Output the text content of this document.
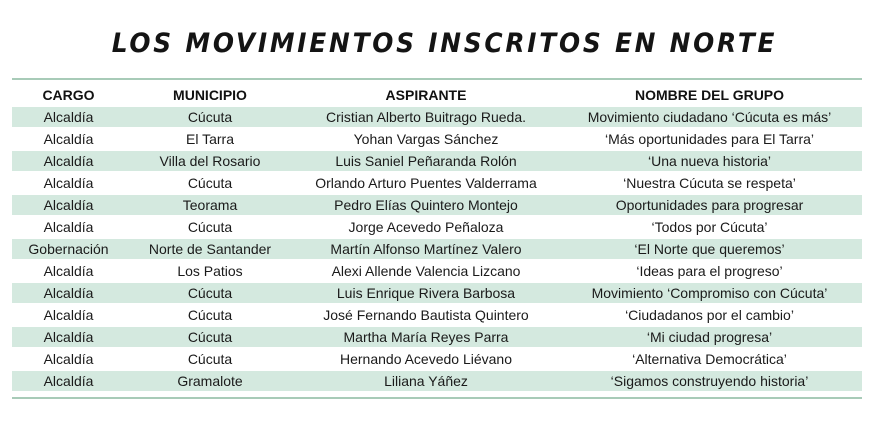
LOS MOVIMIENTOS INSCRITOS EN NORTE
CARGO	MUNICIPIO	ASPIRANTE	NOMBRE DEL GRUPO
Alcaldía	Cúcuta	Cristian Alberto Buitrago Rueda.	Movimiento ciudadano ‘Cúcuta es más’
Alcaldía	El Tarra	Yohan Vargas Sánchez	‘Más oportunidades para El Tarra’
Alcaldía	Villa del Rosario	Luis Saniel Peñaranda Rolón	‘Una nueva historia’
Alcaldía	Cúcuta	Orlando Arturo Puentes Valderrama	‘Nuestra Cúcuta se respeta’
Alcaldía	Teorama	Pedro Elías Quintero Montejo	Oportunidades para progresar
Alcaldía	Cúcuta	Jorge Acevedo Peñaloza	‘Todos por Cúcuta’
Gobernación	Norte de Santander	Martín Alfonso Martínez Valero	‘El Norte que queremos’
Alcaldía	Los Patios	Alexi Allende Valencia Lizcano	‘Ideas para el progreso’
Alcaldía	Cúcuta	Luis Enrique Rivera Barbosa	Movimiento ‘Compromiso con Cúcuta’
Alcaldía	Cúcuta	José Fernando Bautista Quintero	‘Ciudadanos por el cambio’
Alcaldía	Cúcuta	Martha María Reyes Parra	‘Mi ciudad progresa’
Alcaldía	Cúcuta	Hernando Acevedo Liévano	‘Alternativa Democrática’
Alcaldía	Gramalote	Liliana Yáñez	‘Sigamos construyendo historia’
